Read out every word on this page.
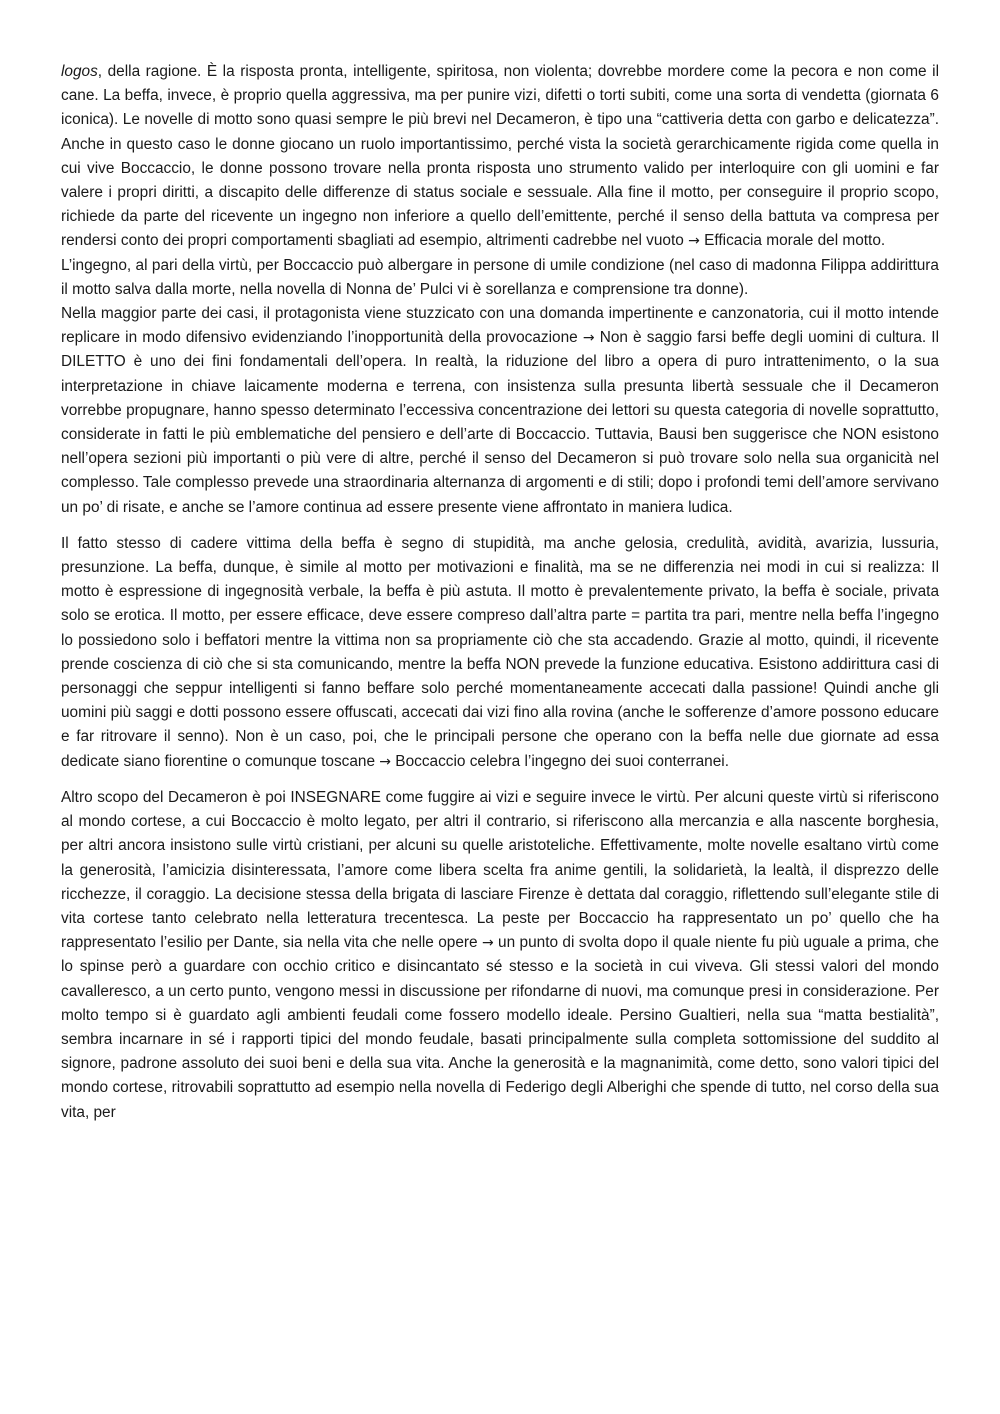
logos, della ragione. È la risposta pronta, intelligente, spiritosa, non violenta; dovrebbe mordere come la pecora e non come il cane. La beffa, invece, è proprio quella aggressiva, ma per punire vizi, difetti o torti subiti, come una sorta di vendetta (giornata 6 iconica). Le novelle di motto sono quasi sempre le più brevi nel Decameron, è tipo una “cattiveria detta con garbo e delicatezza”. Anche in questo caso le donne giocano un ruolo importantissimo, perché vista la società gerarchicamente rigida come quella in cui vive Boccaccio, le donne possono trovare nella pronta risposta uno strumento valido per interloquire con gli uomini e far valere i propri diritti, a discapito delle differenze di status sociale e sessuale. Alla fine il motto, per conseguire il proprio scopo, richiede da parte del ricevente un ingegno non inferiore a quello dell’emittente, perché il senso della battuta va compresa per rendersi conto dei propri comportamenti sbagliati ad esempio, altrimenti cadrebbe nel vuoto → Efficacia morale del motto.

L’ingegno, al pari della virtù, per Boccaccio può albergare in persone di umile condizione (nel caso di madonna Filippa addirittura il motto salva dalla morte, nella novella di Nonna de’ Pulci vi è sorellanza e comprensione tra donne).

Nella maggior parte dei casi, il protagonista viene stuzzicato con una domanda impertinente e canzonatoria, cui il motto intende replicare in modo difensivo evidenziando l’inopportunità della provocazione → Non è saggio farsi beffe degli uomini di cultura. Il DILETTO è uno dei fini fondamentali dell’opera. In realtà, la riduzione del libro a opera di puro intrattenimento, o la sua interpretazione in chiave laicamente moderna e terrena, con insistenza sulla presunta libertà sessuale che il Decameron vorrebbe propugnare, hanno spesso determinato l’eccessiva concentrazione dei lettori su questa categoria di novelle soprattutto, considerate in fatti le più emblematiche del pensiero e dell’arte di Boccaccio. Tuttavia, Bausi ben suggerisce che NON esistono nell’opera sezioni più importanti o più vere di altre, perché il senso del Decameron si può trovare solo nella sua organicità nel complesso. Tale complesso prevede una straordinaria alternanza di argomenti e di stili; dopo i profondi temi dell’amore servivano un po’ di risate, e anche se l’amore continua ad essere presente viene affrontato in maniera ludica.

Il fatto stesso di cadere vittima della beffa è segno di stupidità, ma anche gelosia, credulità, avidità, avarizia, lussuria, presunzione. La beffa, dunque, è simile al motto per motivazioni e finalità, ma se ne differenzia nei modi in cui si realizza: Il motto è espressione di ingegnosità verbale, la beffa è più astuta. Il motto è prevalentemente privato, la beffa è sociale, privata solo se erotica. Il motto, per essere efficace, deve essere compreso dall’altra parte = partita tra pari, mentre nella beffa l’ingegno lo possiedono solo i beffatori mentre la vittima non sa propriamente ciò che sta accadendo. Grazie al motto, quindi, il ricevente prende coscienza di ciò che si sta comunicando, mentre la beffa NON prevede la funzione educativa. Esistono addirittura casi di personaggi che seppur intelligenti si fanno beffare solo perché momentaneamente accecati dalla passione! Quindi anche gli uomini più saggi e dotti possono essere offuscati, accecati dai vizi fino alla rovina (anche le sofferenze d’amore possono educare e far ritrovare il senno). Non è un caso, poi, che le principali persone che operano con la beffa nelle due giornate ad essa dedicate siano fiorentine o comunque toscane → Boccaccio celebra l’ingegno dei suoi conterranei.

Altro scopo del Decameron è poi INSEGNARE come fuggire ai vizi e seguire invece le virtù. Per alcuni queste virtù si riferiscono al mondo cortese, a cui Boccaccio è molto legato, per altri il contrario, si riferiscono alla mercanzia e alla nascente borghesia, per altri ancora insistono sulle virtù cristiani, per alcuni su quelle aristoteliche. Effettivamente, molte novelle esaltano virtù come la generosità, l’amicizia disinteressata, l’amore come libera scelta fra anime gentili, la solidarietà, la lealtà, il disprezzo delle ricchezze, il coraggio. La decisione stessa della brigata di lasciare Firenze è dettata dal coraggio, riflettendo sull’elegante stile di vita cortese tanto celebrato nella letteratura trecentesca. La peste per Boccaccio ha rappresentato un po’ quello che ha rappresentato l’esilio per Dante, sia nella vita che nelle opere → un punto di svolta dopo il quale niente fu più uguale a prima, che lo spinse però a guardare con occhio critico e disincantato sé stesso e la società in cui viveva. Gli stessi valori del mondo cavalleresco, a un certo punto, vengono messi in discussione per rifondarne di nuovi, ma comunque presi in considerazione. Per molto tempo si è guardato agli ambienti feudali come fossero modello ideale. Persino Gualtieri, nella sua “matta bestialità”, sembra incarnare in sé i rapporti tipici del mondo feudale, basati principalmente sulla completa sottomissione del suddito al signore, padrone assoluto dei suoi beni e della sua vita. Anche la generosità e la magnanimità, come detto, sono valori tipici del mondo cortese, ritrovabili soprattutto ad esempio nella novella di Federigo degli Alberighi che spende di tutto, nel corso della sua vita, per
